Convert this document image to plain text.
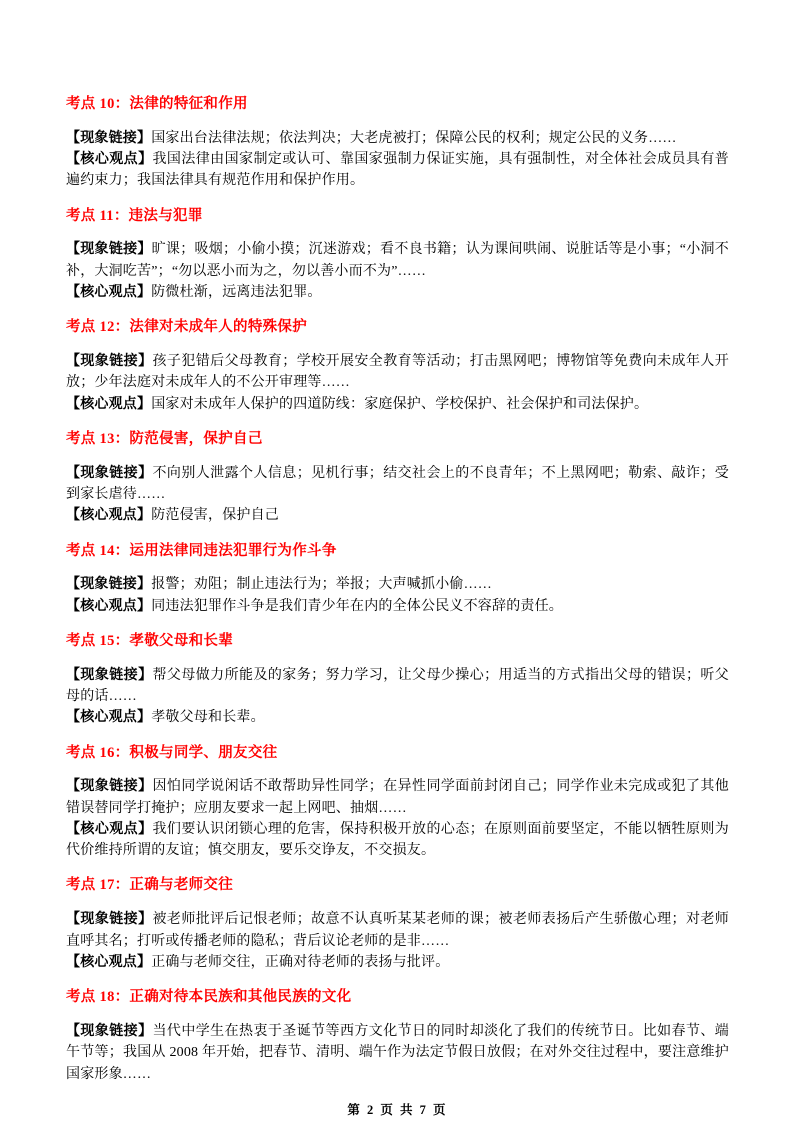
考点 10：法律的特征和作用

【现象链接】国家出台法律法规；依法判决；大老虎被打；保障公民的权利；规定公民的义务……

【核心观点】我国法律由国家制定或认可、靠国家强制力保证实施，具有强制性，对全体社会成员具有普遍约束力；我国法律具有规范作用和保护作用。

考点 11：违法与犯罪

【现象链接】旷课；吸烟；小偷小摸；沉迷游戏；看不良书籍；认为课间哄闹、说脏话等是小事；“小洞不补，大洞吃苦”；“勿以恶小而为之，勿以善小而不为”……

【核心观点】防微杜渐，远离违法犯罪。

考点 12：法律对未成年人的特殊保护

【现象链接】孩子犯错后父母教育；学校开展安全教育等活动；打击黑网吧；博物馆等免费向未成年人开放；少年法庭对未成年人的不公开审理等……

【核心观点】国家对未成年人保护的四道防线：家庭保护、学校保护、社会保护和司法保护。

考点 13：防范侵害，保护自己

【现象链接】不向别人泄露个人信息；见机行事；结交社会上的不良青年；不上黑网吧；勒索、敲诈；受到家长虐待……

【核心观点】防范侵害，保护自己

考点 14：运用法律同违法犯罪行为作斗争

【现象链接】报警；劝阻；制止违法行为；举报；大声喊抓小偷……

【核心观点】同违法犯罪作斗争是我们青少年在内的全体公民义不容辞的责任。

考点 15：孝敬父母和长辈

【现象链接】帮父母做力所能及的家务；努力学习，让父母少操心；用适当的方式指出父母的错误；听父母的话……

【核心观点】孝敬父母和长辈。

考点 16：积极与同学、朋友交往

【现象链接】因怕同学说闲话不敢帮助异性同学；在异性同学面前封闭自己；同学作业未完成或犯了其他错误替同学打掩护；应朋友要求一起上网吧、抽烟……

【核心观点】我们要认识闭锁心理的危害，保持积极开放的心态；在原则面前要坚定，不能以牺牲原则为代价维持所谓的友谊；慎交朋友，要乐交诤友，不交损友。

考点 17：正确与老师交往

【现象链接】被老师批评后记恨老师；故意不认真听某某老师的课；被老师表扬后产生骄傲心理；对老师直呼其名；打听或传播老师的隐私；背后议论老师的是非……

【核心观点】正确与老师交往，正确对待老师的表扬与批评。

考点 18：正确对待本民族和其他民族的文化

【现象链接】当代中学生在热衷于圣诞节等西方文化节日的同时却淡化了我们的传统节日。比如春节、端午节等；我国从 2008 年开始，把春节、清明、端午作为法定节假日放假；在对外交往过程中，要注意维护国家形象……

第 2 页 共 7 页
